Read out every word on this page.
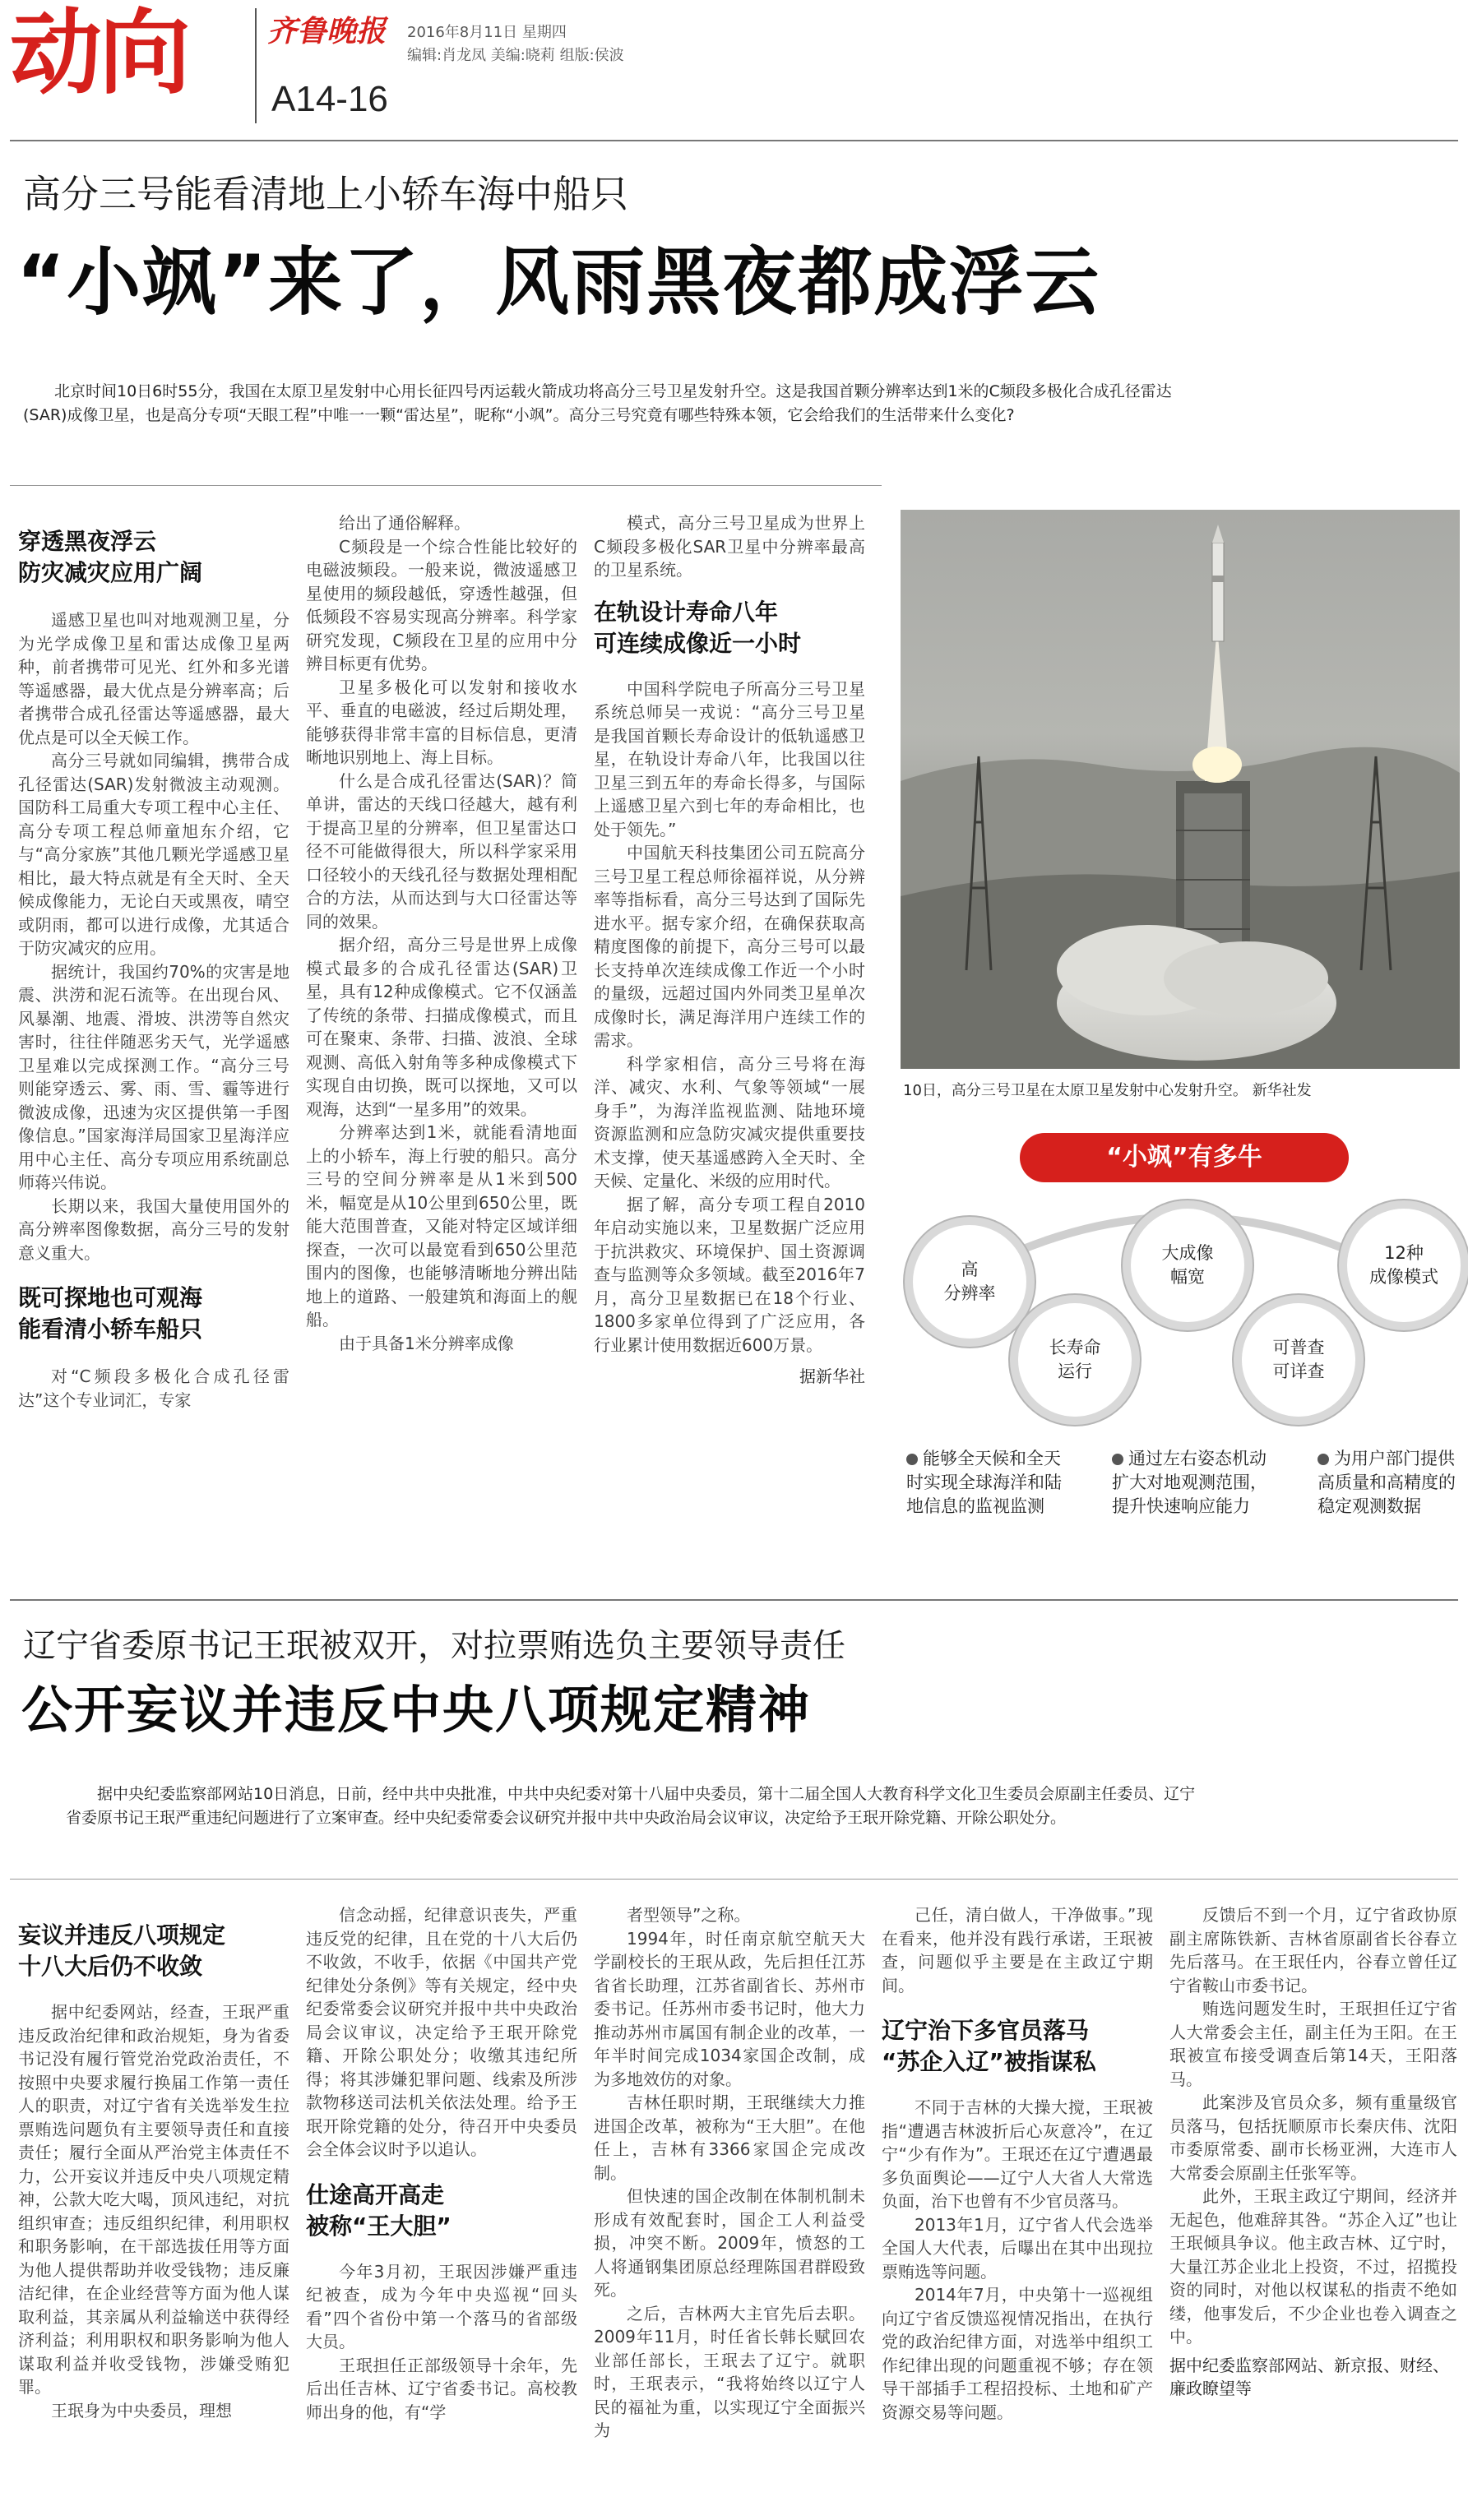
动向	齐鲁晚报
A14-16
2016年8月11日 星期四
编辑:肖龙凤 美编:晓莉 组版:侯波
高分三号能看清地上小轿车海中船只
“小飒”来了，风雨黑夜都成浮云
北京时间10日6时55分，我国在太原卫星发射中心用长征四号丙运载火箭成功将高分三号卫星发射升空。这是我国首颗分辨率达到1米的C频段多极化合成孔径雷达(SAR)成像卫星，也是高分专项“天眼工程”中唯一一颗“雷达星”，昵称“小飒”。高分三号究竟有哪些特殊本领，它会给我们的生活带来什么变化?
穿透黑夜浮云
防灾减灾应用广阔

遥感卫星也叫对地观测卫星，分为光学成像卫星和雷达成像卫星两种，前者携带可见光、红外和多光谱等遥感器，最大优点是分辨率高；后者携带合成孔径雷达等遥感器，最大优点是可以全天候工作。

高分三号就如同编辑，携带合成孔径雷达(SAR)发射微波主动观测。国防科工局重大专项工程中心主任、高分专项工程总师童旭东介绍，它与“高分家族”其他几颗光学遥感卫星相比，最大特点就是有全天时、全天候成像能力，无论白天或黑夜，晴空或阴雨，都可以进行成像，尤其适合于防灾减灾的应用。

据统计，我国约70%的灾害是地震、洪涝和泥石流等。在出现台风、风暴潮、地震、滑坡、洪涝等自然灾害时，往往伴随恶劣天气，光学遥感卫星难以完成探测工作。“高分三号则能穿透云、雾、雨、雪、霾等进行微波成像，迅速为灾区提供第一手图像信息。”国家海洋局国家卫星海洋应用中心主任、高分专项应用系统副总师蒋兴伟说。

长期以来，我国大量使用国外的高分辨率图像数据，高分三号的发射意义重大。

既可探地也可观海
能看清小轿车船只

对“C频段多极化合成孔径雷达”这个专业词汇，专家

给出了通俗解释。

C频段是一个综合性能比较好的电磁波频段。一般来说，微波遥感卫星使用的频段越低，穿透性越强，但低频段不容易实现高分辨率。科学家研究发现，C频段在卫星的应用中分辨目标更有优势。

卫星多极化可以发射和接收水平、垂直的电磁波，经过后期处理，能够获得非常丰富的目标信息，更清晰地识别地上、海上目标。

什么是合成孔径雷达(SAR)？简单讲，雷达的天线口径越大，越有利于提高卫星的分辨率，但卫星雷达口径不可能做得很大，所以科学家采用口径较小的天线孔径与数据处理相配合的方法，从而达到与大口径雷达等同的效果。

据介绍，高分三号是世界上成像模式最多的合成孔径雷达(SAR)卫星，具有12种成像模式。它不仅涵盖了传统的条带、扫描成像模式，而且可在聚束、条带、扫描、波浪、全球观测、高低入射角等多种成像模式下实现自由切换，既可以探地，又可以观海，达到“一星多用”的效果。

分辨率达到1米，就能看清地面上的小轿车，海上行驶的船只。高分三号的空间分辨率是从1米到500米，幅宽是从10公里到650公里，既能大范围普查，又能对特定区域详细探查，一次可以最宽看到650公里范围内的图像，也能够清晰地分辨出陆地上的道路、一般建筑和海面上的舰船。

由于具备1米分辨率成像

模式，高分三号卫星成为世界上C频段多极化SAR卫星中分辨率最高的卫星系统。

在轨设计寿命八年
可连续成像近一小时

中国科学院电子所高分三号卫星系统总师吴一戎说：“高分三号卫星是我国首颗长寿命设计的低轨遥感卫星，在轨设计寿命八年，比我国以往卫星三到五年的寿命长得多，与国际上遥感卫星六到七年的寿命相比，也处于领先。”

中国航天科技集团公司五院高分三号卫星工程总师徐福祥说，从分辨率等指标看，高分三号达到了国际先进水平。据专家介绍，在确保获取高精度图像的前提下，高分三号可以最长支持单次连续成像工作近一个小时的量级，远超过国内外同类卫星单次成像时长，满足海洋用户连续工作的需求。

科学家相信，高分三号将在海洋、减灾、水利、气象等领域“一展身手”，为海洋监视监测、陆地环境资源监测和应急防灾减灾提供重要技术支撑，使天基遥感跨入全天时、全天候、定量化、米级的应用时代。

据了解，高分专项工程自2010年启动实施以来，卫星数据广泛应用于抗洪救灾、环境保护、国土资源调查与监测等众多领域。截至2016年7月，高分卫星数据已在18个行业、1800多家单位得到了广泛应用，各行业累计使用数据近600万景。

据新华社
10日，高分三号卫星在太原卫星发射中心发射升空。 新华社发
“小飒”有多牛
高
分辨率
长寿命
运行
大成像
幅宽
可普查
可详查
12种
成像模式
能够全天候和全天时实现全球海洋和陆地信息的监视监测
通过左右姿态机动扩大对地观测范围，提升快速响应能力
为用户部门提供高质量和高精度的稳定观测数据
辽宁省委原书记王珉被双开，对拉票贿选负主要领导责任
公开妄议并违反中央八项规定精神
据中央纪委监察部网站10日消息，日前，经中共中央批准，中共中央纪委对第十八届中央委员，第十二届全国人大教育科学文化卫生委员会原副主任委员、辽宁省委原书记王珉严重违纪问题进行了立案审查。经中央纪委常委会议研究并报中共中央政治局会议审议，决定给予王珉开除党籍、开除公职处分。
妄议并违反八项规定
十八大后仍不收敛

据中纪委网站，经查，王珉严重违反政治纪律和政治规矩，身为省委书记没有履行管党治党政治责任，不按照中央要求履行换届工作第一责任人的职责，对辽宁省有关选举发生拉票贿选问题负有主要领导责任和直接责任；履行全面从严治党主体责任不力，公开妄议并违反中央八项规定精神，公款大吃大喝，顶风违纪，对抗组织审查；违反组织纪律，利用职权和职务影响，在干部选拔任用等方面为他人提供帮助并收受钱物；违反廉洁纪律，在企业经营等方面为他人谋取利益，其亲属从利益输送中获得经济利益；利用职权和职务影响为他人谋取利益并收受钱物，涉嫌受贿犯罪。

王珉身为中央委员，理想

信念动摇，纪律意识丧失，严重违反党的纪律，且在党的十八大后仍不收敛，不收手，依据《中国共产党纪律处分条例》等有关规定，经中央纪委常委会议研究并报中共中央政治局会议审议，决定给予王珉开除党籍、开除公职处分；收缴其违纪所得；将其涉嫌犯罪问题、线索及所涉款物移送司法机关依法处理。给予王珉开除党籍的处分，待召开中央委员会全体会议时予以追认。

仕途高开高走
被称“王大胆”

今年3月初，王珉因涉嫌严重违纪被查，成为今年中央巡视“回头看”四个省份中第一个落马的省部级大员。

王珉担任正部级领导十余年，先后出任吉林、辽宁省委书记。高校教师出身的他，有“学

者型领导”之称。

1994年，时任南京航空航天大学副校长的王珉从政，先后担任江苏省省长助理，江苏省副省长、苏州市委书记。任苏州市委书记时，他大力推动苏州市属国有制企业的改革，一年半时间完成1034家国企改制，成为多地效仿的对象。

吉林任职时期，王珉继续大力推进国企改革，被称为“王大胆”。在他任上，吉林有3366家国企完成改制。

但快速的国企改制在体制机制未形成有效配套时，国企工人利益受损，冲突不断。2009年，愤怒的工人将通钢集团原总经理陈国君群殴致死。

之后，吉林两大主官先后去职。2009年11月，时任省长韩长赋回农业部任部长，王珉去了辽宁。就职时，王珉表示，“我将始终以辽宁人民的福祉为重，以实现辽宁全面振兴为

己任，清白做人，干净做事。”现在看来，他并没有践行承诺，王珉被查，问题似乎主要是在主政辽宁期间。

辽宁治下多官员落马
“苏企入辽”被指谋私

不同于吉林的大操大搅，王珉被指“遭遇吉林波折后心灰意冷”，在辽宁“少有作为”。王珉还在辽宁遭遇最多负面舆论——辽宁人大省人大常选负面，治下也曾有不少官员落马。

2013年1月，辽宁省人代会选举全国人大代表，后曝出在其中出现拉票贿选等问题。

2014年7月，中央第十一巡视组向辽宁省反馈巡视情况指出，在执行党的政治纪律方面，对选举中组织工作纪律出现的问题重视不够；存在领导干部插手工程招投标、土地和矿产资源交易等问题。

反馈后不到一个月，辽宁省政协原副主席陈铁新、吉林省原副省长谷春立先后落马。在王珉任内，谷春立曾任辽宁省鞍山市委书记。

贿选问题发生时，王珉担任辽宁省人大常委会主任，副主任为王阳。在王珉被宣布接受调查后第14天，王阳落马。

此案涉及官员众多，频有重量级官员落马，包括抚顺原市长秦庆伟、沈阳市委原常委、副市长杨亚洲，大连市人大常委会原副主任张军等。

此外，王珉主政辽宁期间，经济并无起色，他难辞其咎。“苏企入辽”也让王珉倾具争议。他主政吉林、辽宁时，大量江苏企业北上投资，不过，招揽投资的同时，对他以权谋私的指责不绝如缕，他事发后，不少企业也卷入调查之中。

据中纪委监察部网站、新京报、财经、廉政瞭望等
